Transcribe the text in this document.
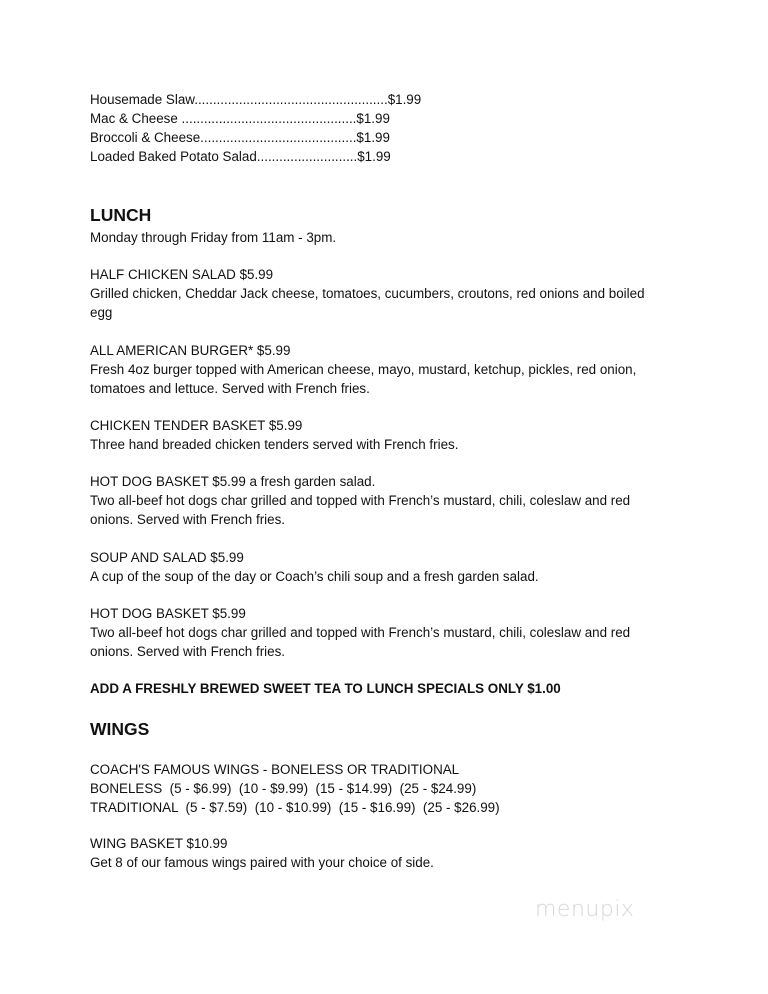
Housemade Slaw....................................................$1.99
Mac & Cheese ...............................................$1.99
Broccoli & Cheese..........................................$1.99
Loaded Baked Potato Salad...........................$1.99
LUNCH
Monday through Friday from 11am - 3pm.
HALF CHICKEN SALAD $5.99
Grilled chicken, Cheddar Jack cheese, tomatoes, cucumbers, croutons, red onions and boiled egg
ALL AMERICAN BURGER* $5.99
Fresh 4oz burger topped with American cheese, mayo, mustard, ketchup, pickles, red onion, tomatoes and lettuce. Served with French fries.
CHICKEN TENDER BASKET $5.99
Three hand breaded chicken tenders served with French fries.
HOT DOG BASKET $5.99 a fresh garden salad.
Two all-beef hot dogs char grilled and topped with French’s mustard, chili, coleslaw and red onions. Served with French fries.
SOUP AND SALAD $5.99
A cup of the soup of the day or Coach’s chili soup and a fresh garden salad.
HOT DOG BASKET $5.99
Two all-beef hot dogs char grilled and topped with French’s mustard, chili, coleslaw and red onions. Served with French fries.
ADD A FRESHLY BREWED SWEET TEA TO LUNCH SPECIALS ONLY $1.00
WINGS
COACH'S FAMOUS WINGS - BONELESS OR TRADITIONAL
BONELESS  (5 - $6.99)  (10 - $9.99)  (15 - $14.99)  (25 - $24.99)
TRADITIONAL  (5 - $7.59)  (10 - $10.99)  (15 - $16.99)  (25 - $26.99)
WING BASKET $10.99
Get 8 of our famous wings paired with your choice of side.
menupix
